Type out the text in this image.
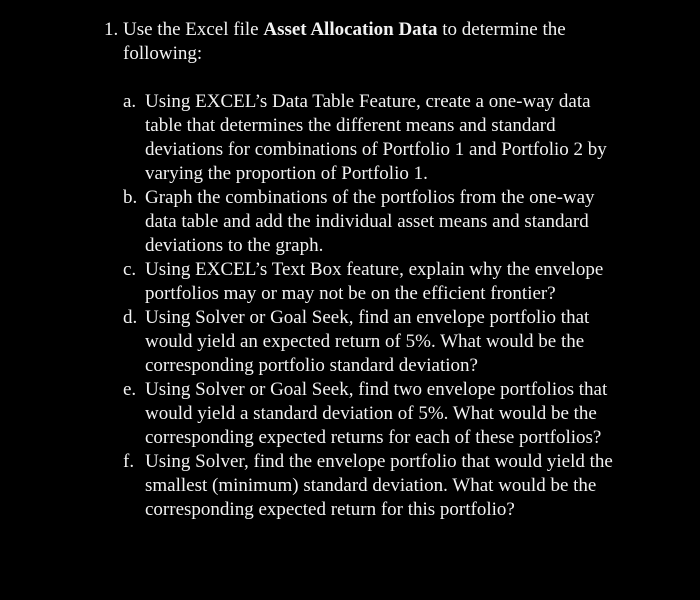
1. Use the Excel file Asset Allocation Data to determine the following:
a. Using EXCEL’s Data Table Feature, create a one-way data table that determines the different means and standard deviations for combinations of Portfolio 1 and Portfolio 2 by varying the proportion of Portfolio 1.
b. Graph the combinations of the portfolios from the one-way data table and add the individual asset means and standard deviations to the graph.
c. Using EXCEL’s Text Box feature, explain why the envelope portfolios may or may not be on the efficient frontier?
d. Using Solver or Goal Seek, find an envelope portfolio that would yield an expected return of 5%. What would be the corresponding portfolio standard deviation?
e. Using Solver or Goal Seek, find two envelope portfolios that would yield a standard deviation of 5%. What would be the corresponding expected returns for each of these portfolios?
f. Using Solver, find the envelope portfolio that would yield the smallest (minimum) standard deviation. What would be the corresponding expected return for this portfolio?
